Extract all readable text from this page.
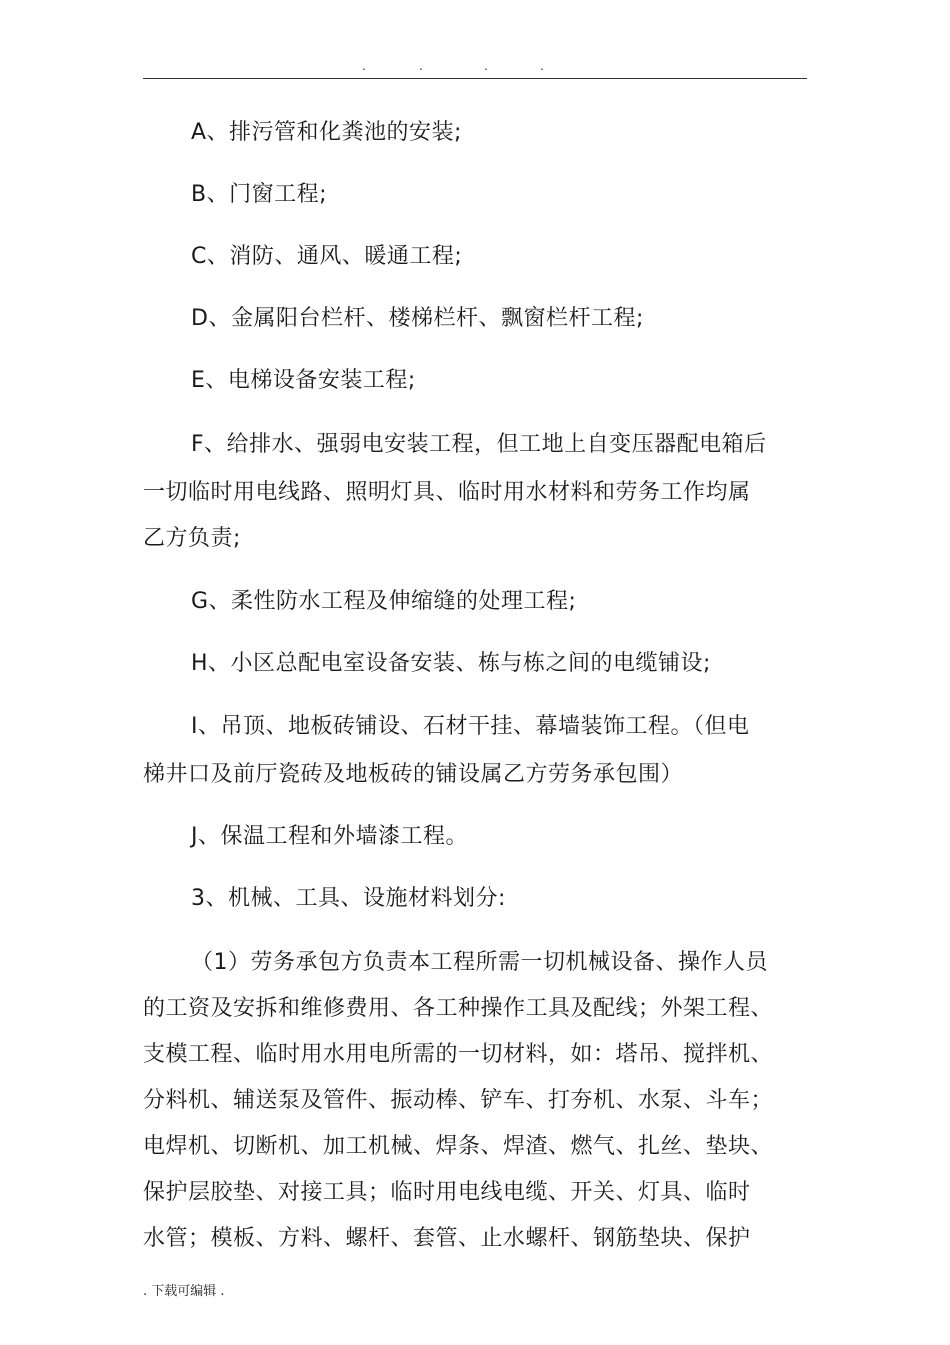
.	.	.	.

A、排污管和化粪池的安装;

B、门窗工程;

C、消防、通风、暖通工程;

D、金属阳台栏杆、楼梯栏杆、飘窗栏杆工程;

E、电梯设备安装工程;

F、给排水、强弱电安装工程，但工地上自变压器配电箱后

一切临时用电线路、照明灯具、临时用水材料和劳务工作均属

乙方负责;

G、柔性防水工程及伸缩缝的处理工程;

H、小区总配电室设备安装、栋与栋之间的电缆铺设;

I、吊顶、地板砖铺设、石材干挂、幕墙装饰工程。（但电

梯井口及前厅瓷砖及地板砖的铺设属乙方劳务承包围）

J、保温工程和外墙漆工程。

3、机械、工具、设施材料划分:

（1）劳务承包方负责本工程所需一切机械设备、操作人员

的工资及安拆和维修费用、各工种操作工具及配线；外架工程、

支模工程、临时用水用电所需的一切材料，如：塔吊、搅拌机、

分料机、辅送泵及管件、振动棒、铲车、打夯机、水泵、斗车；

电焊机、切断机、加工机械、焊条、焊渣、燃气、扎丝、垫块、

保护层胶垫、对接工具；临时用电线电缆、开关、灯具、临时

水管；模板、方料、螺杆、套管、止水螺杆、钢筋垫块、保护

. 下载可编辑 .
